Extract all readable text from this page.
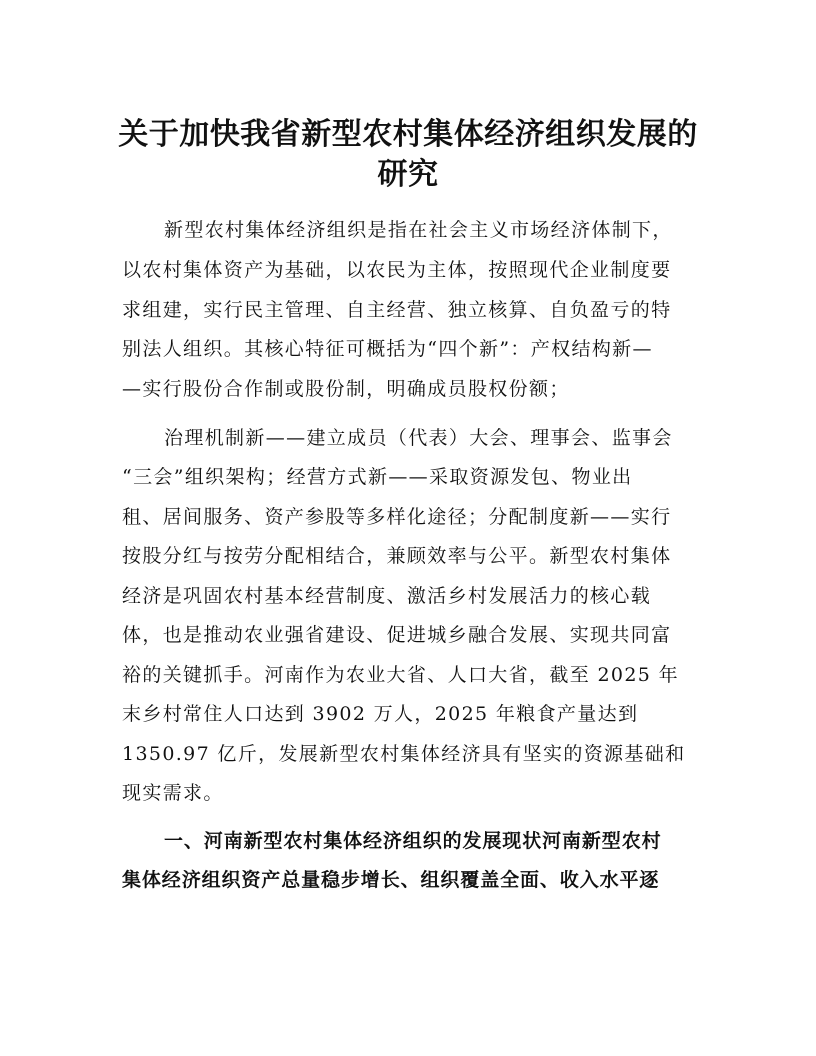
关于加快我省新型农村集体经济组织发展的
研究

新型农村集体经济组织是指在社会主义市场经济体制下，

以农村集体资产为基础，以农民为主体，按照现代企业制度要

求组建，实行民主管理、自主经营、独立核算、自负盈亏的特

别法人组织。其核心特征可概括为“四个新”：产权结构新—

—实行股份合作制或股份制，明确成员股权份额；

治理机制新——建立成员（代表）大会、理事会、监事会

“三会”组织架构；经营方式新——采取资源发包、物业出

租、居间服务、资产参股等多样化途径；分配制度新——实行

按股分红与按劳分配相结合，兼顾效率与公平。新型农村集体

经济是巩固农村基本经营制度、激活乡村发展活力的核心载

体，也是推动农业强省建设、促进城乡融合发展、实现共同富

裕的关键抓手。河南作为农业大省、人口大省，截至 2025 年

末乡村常住人口达到 3902 万人，2025 年粮食产量达到

1350.97 亿斤，发展新型农村集体经济具有坚实的资源基础和

现实需求。

一、河南新型农村集体经济组织的发展现状河南新型农村

集体经济组织资产总量稳步增长、组织覆盖全面、收入水平逐
